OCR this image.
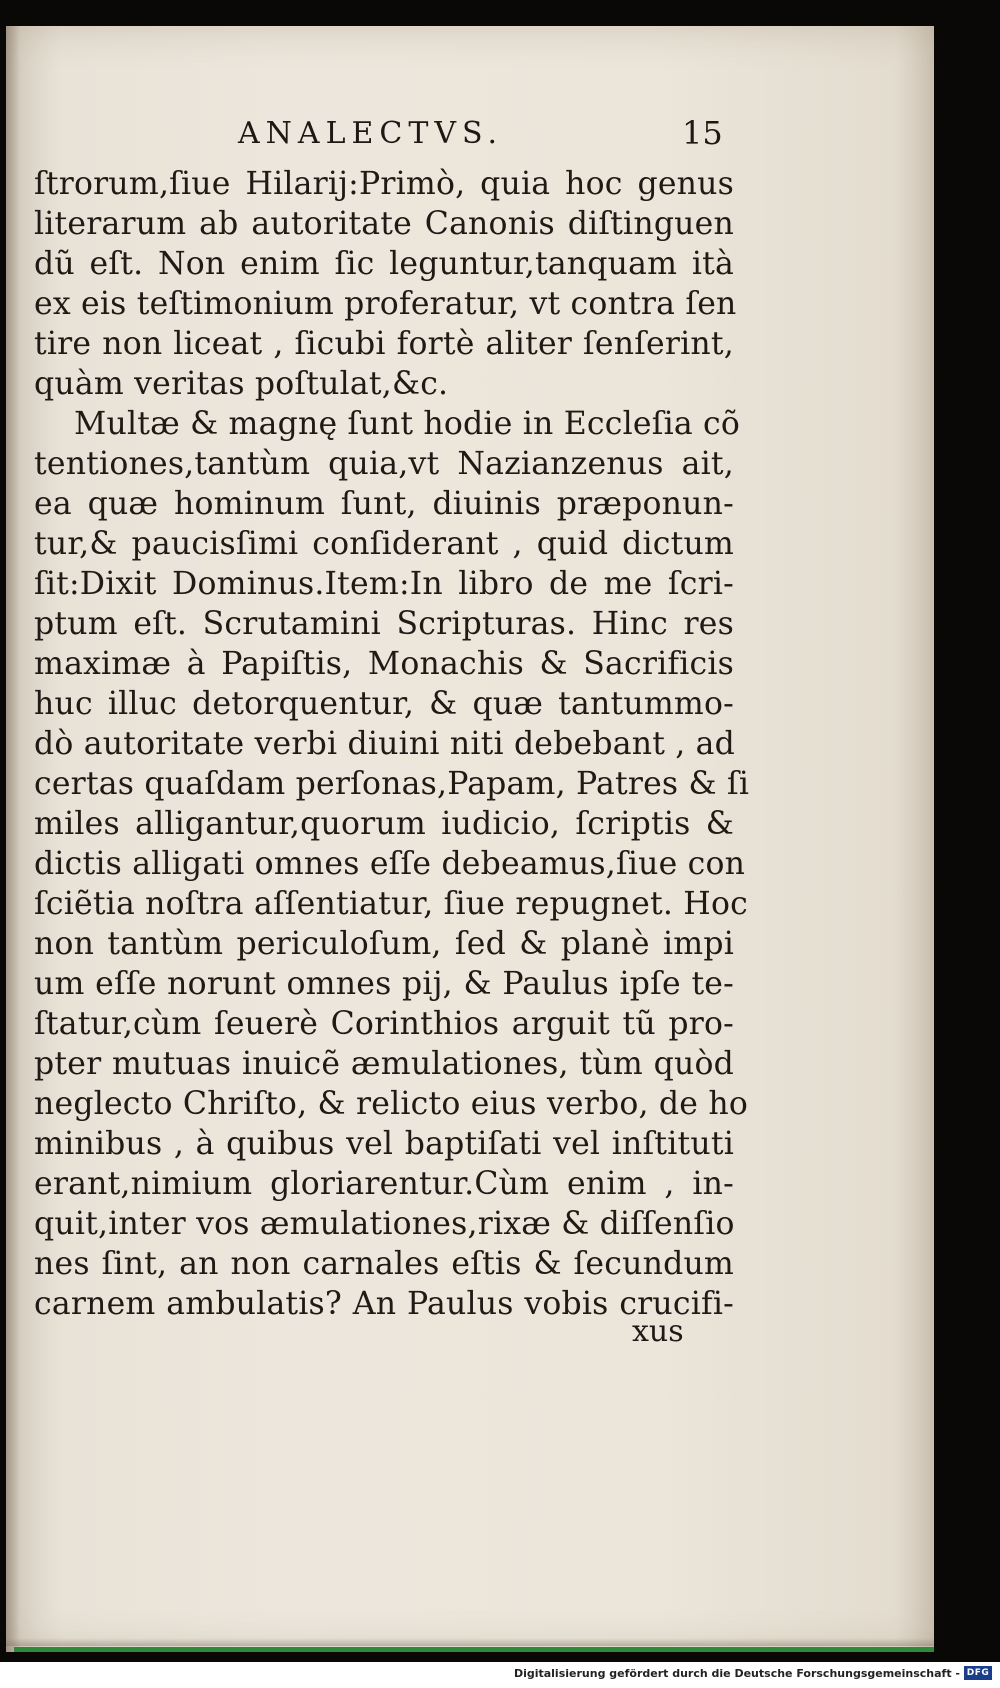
ANALECTVS.	15
ſtrorum,ſiue Hilarij:Primò, quia hoc genus
literarum ab autoritate Canonis diſtinguen
dũ eſt. Non enim ſic leguntur,tanquam ità
ex eis teſtimonium proferatur, vt contra ſen
tire non liceat , ſicubi fortè aliter ſenſerint,
quàm veritas poſtulat,&c.
Multæ & magnę ſunt hodie in Eccleſia cõ
tentiones,tantùm quia,vt Nazianzenus ait,
ea quæ hominum ſunt, diuinis præponun-
tur,& paucisſimi conſiderant , quid dictum
ſit:Dixit Dominus.Item:In libro de me ſcri-
ptum eſt. Scrutamini Scripturas. Hinc res
maximæ à Papiſtis, Monachis & Sacrificis
huc illuc detorquentur, & quæ tantummo-
dò autoritate verbi diuini niti debebant , ad
certas quaſdam perſonas,Papam, Patres & ſi
miles alligantur,quorum iudicio, ſcriptis &
dictis alligati omnes eſſe debeamus,ſiue con
ſciẽtia noſtra aſſentiatur, ſiue repugnet. Hoc
non tantùm periculoſum, ſed & planè impi
um eſſe norunt omnes pij, & Paulus ipſe te-
ſtatur,cùm ſeuerè Corinthios arguit tũ pro-
pter mutuas inuicẽ æmulationes, tùm quòd
neglecto Chriſto, & relicto eius verbo, de ho
minibus , à quibus vel baptiſati vel inſtituti
erant,nimium gloriarentur.Cùm enim , in-
quit,inter vos æmulationes,rixæ & diſſenſio
nes ſint, an non carnales eſtis & ſecundum
carnem ambulatis? An Paulus vobis crucifi-
xus
Digitalisierung gefördert durch die Deutsche Forschungsgemeinschaft - DFG
